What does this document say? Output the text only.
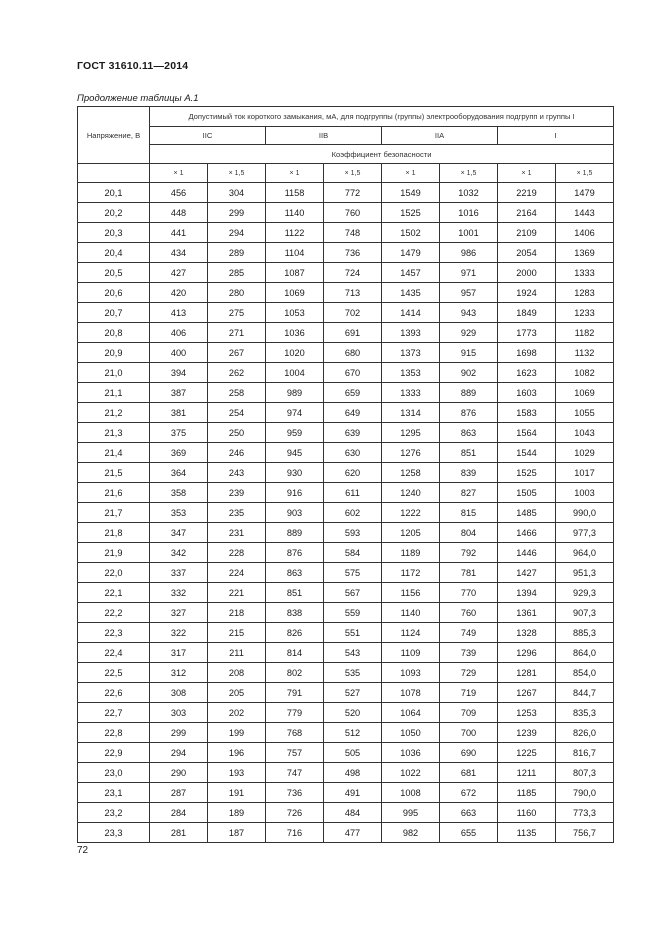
ГОСТ 31610.11—2014
Продолжение таблицы А.1
Напряжение, В	Допустимый ток короткого замыкания, мА, для подгруппы (группы) электрооборудования подгрупп и группы I							
	IIC		IIB		IIA		I	
	Коэффициент безопасности							
	× 1	× 1,5	× 1	× 1,5	× 1	× 1,5	× 1	× 1,5
20,1	456	304	1158	772	1549	1032	2219	1479
20,2	448	299	1140	760	1525	1016	2164	1443
20,3	441	294	1122	748	1502	1001	2109	1406
20,4	434	289	1104	736	1479	986	2054	1369
20,5	427	285	1087	724	1457	971	2000	1333
20,6	420	280	1069	713	1435	957	1924	1283
20,7	413	275	1053	702	1414	943	1849	1233
20,8	406	271	1036	691	1393	929	1773	1182
20,9	400	267	1020	680	1373	915	1698	1132
21,0	394	262	1004	670	1353	902	1623	1082
21,1	387	258	989	659	1333	889	1603	1069
21,2	381	254	974	649	1314	876	1583	1055
21,3	375	250	959	639	1295	863	1564	1043
21,4	369	246	945	630	1276	851	1544	1029
21,5	364	243	930	620	1258	839	1525	1017
21,6	358	239	916	611	1240	827	1505	1003
21,7	353	235	903	602	1222	815	1485	990,0
21,8	347	231	889	593	1205	804	1466	977,3
21,9	342	228	876	584	1189	792	1446	964,0
22,0	337	224	863	575	1172	781	1427	951,3
22,1	332	221	851	567	1156	770	1394	929,3
22,2	327	218	838	559	1140	760	1361	907,3
22,3	322	215	826	551	1124	749	1328	885,3
22,4	317	211	814	543	1109	739	1296	864,0
22,5	312	208	802	535	1093	729	1281	854,0
22,6	308	205	791	527	1078	719	1267	844,7
22,7	303	202	779	520	1064	709	1253	835,3
22,8	299	199	768	512	1050	700	1239	826,0
22,9	294	196	757	505	1036	690	1225	816,7
23,0	290	193	747	498	1022	681	1211	807,3
23,1	287	191	736	491	1008	672	1185	790,0
23,2	284	189	726	484	995	663	1160	773,3
23,3	281	187	716	477	982	655	1135	756,7
72
